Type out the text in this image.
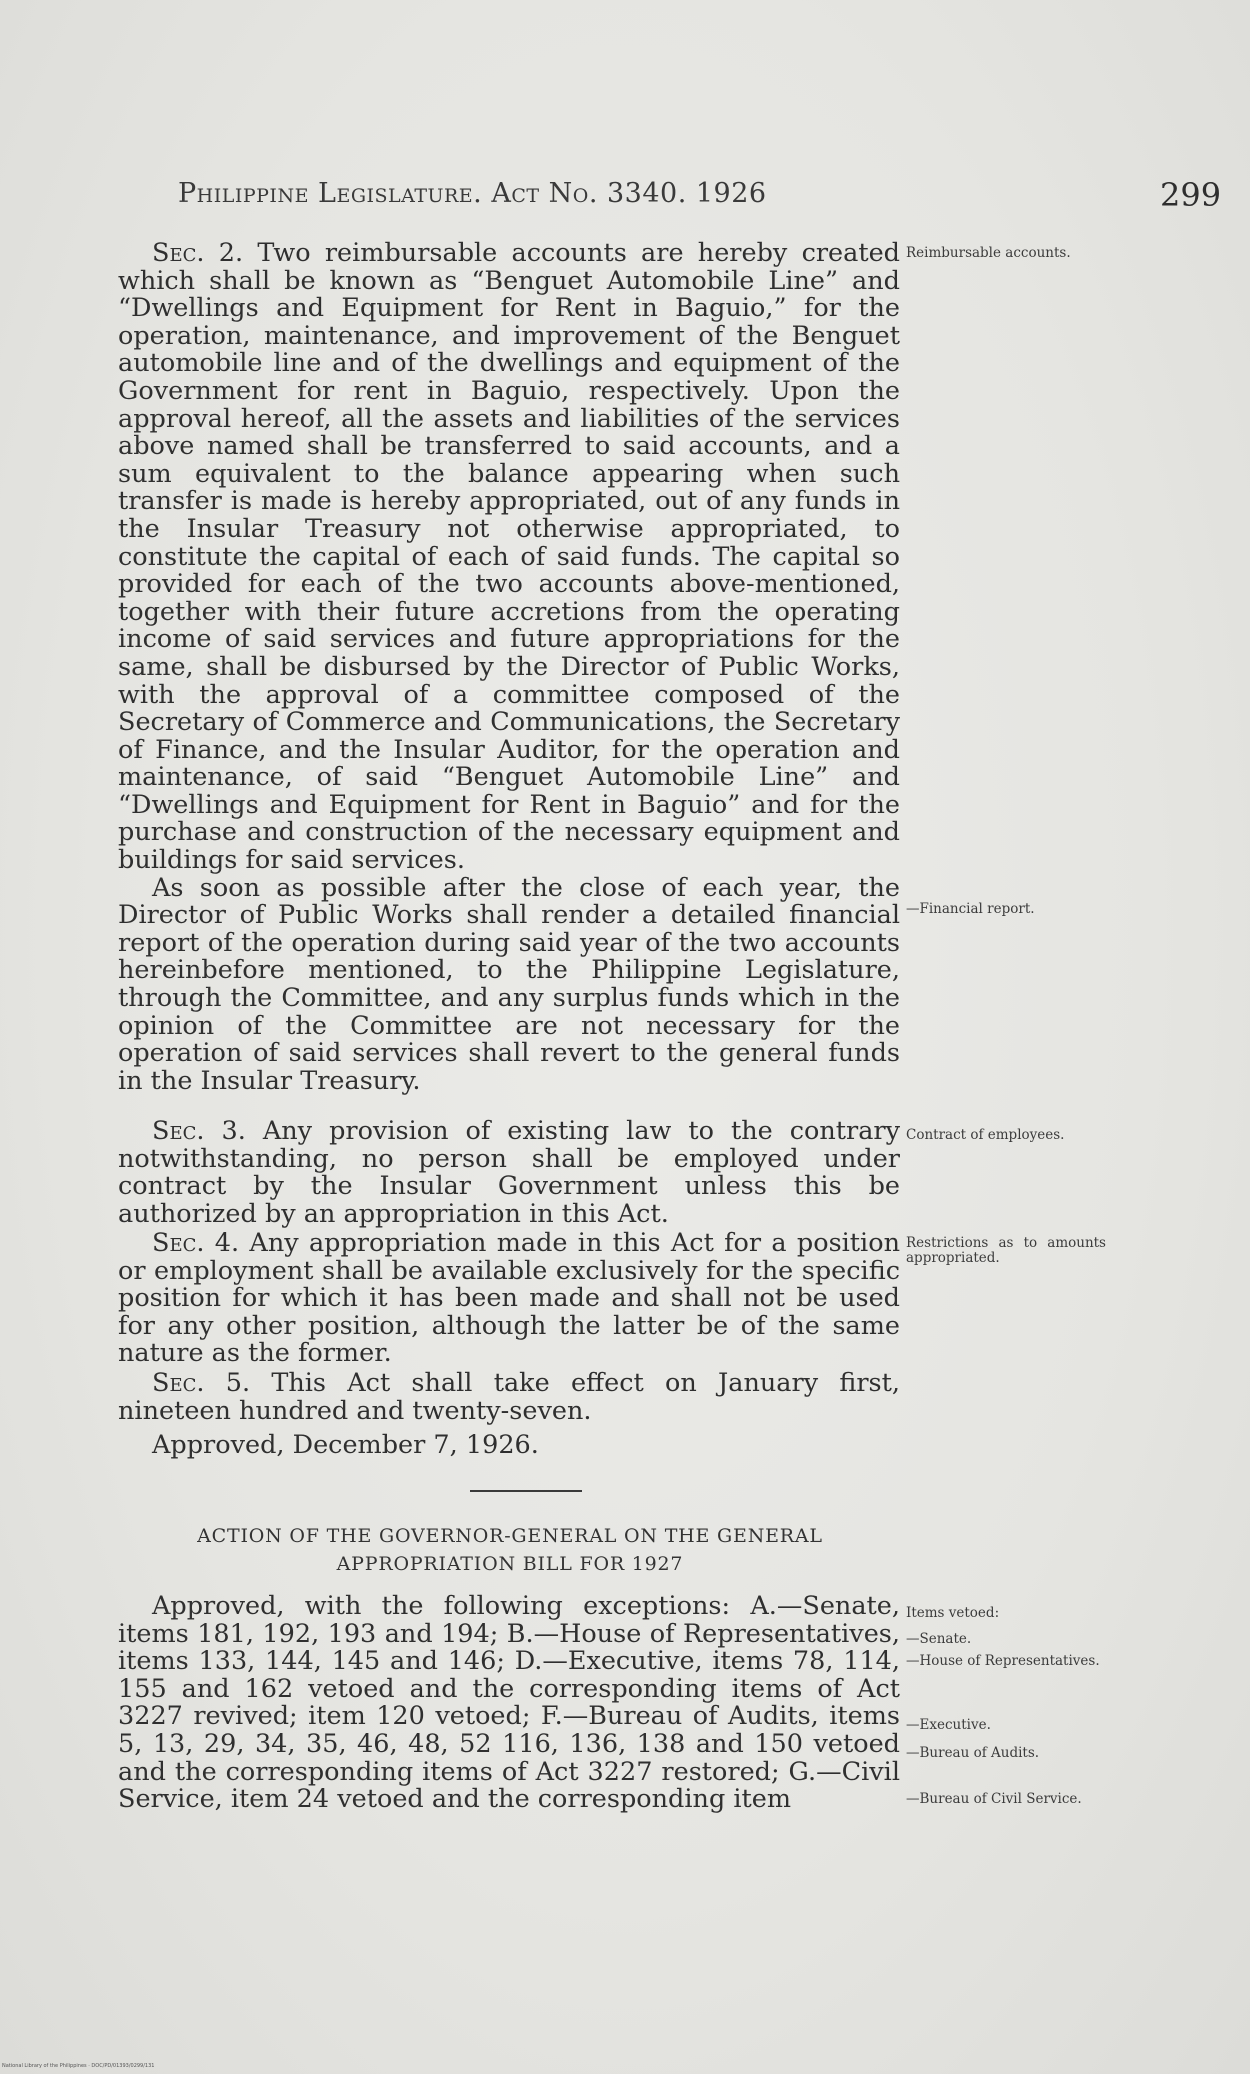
Philippine Legislature. Act No. 3340. 1926	299

Sec. 2. Two reimbursable accounts are hereby created which shall be known as “Benguet Automobile Line” and “Dwellings and Equipment for Rent in Baguio,” for the operation, maintenance, and improvement of the Benguet automobile line and of the dwellings and equipment of the Government for rent in Baguio, respectively. Upon the approval hereof, all the assets and liabilities of the services above named shall be transferred to said accounts, and a sum equivalent to the balance appearing when such transfer is made is hereby appropriated, out of any funds in the Insular Treasury not otherwise appropriated, to constitute the capital of each of said funds. The capital so provided for each of the two accounts above-mentioned, together with their future accretions from the operating income of said services and future appropriations for the same, shall be disbursed by the Director of Public Works, with the approval of a committee composed of the Secretary of Commerce and Communications, the Secretary of Finance, and the Insular Auditor, for the operation and maintenance, of said “Benguet Automobile Line” and “Dwellings and Equipment for Rent in Baguio” and for the purchase and construction of the necessary equipment and buildings for said services.

As soon as possible after the close of each year, the Director of Public Works shall render a detailed financial report of the operation during said year of the two accounts hereinbefore mentioned, to the Philippine Legislature, through the Committee, and any surplus funds which in the opinion of the Committee are not necessary for the operation of said services shall revert to the general funds in the Insular Treasury.

Sec. 3. Any provision of existing law to the contrary notwithstanding, no person shall be employed under contract by the Insular Government unless this be authorized by an appropriation in this Act.

Sec. 4. Any appropriation made in this Act for a position or employment shall be available exclusively for the specific position for which it has been made and shall not be used for any other position, although the latter be of the same nature as the former.

Sec. 5. This Act shall take effect on January first, nineteen hundred and twenty-seven.

Approved, December 7, 1926.

ACTION OF THE GOVERNOR-GENERAL ON THE GENERAL
APPROPRIATION BILL FOR 1927

Approved, with the following exceptions: A.—Senate, items 181, 192, 193 and 194; B.—House of Representatives, items 133, 144, 145 and 146; D.—Executive, items 78, 114, 155 and 162 vetoed and the corresponding items of Act 3227 revived; item 120 vetoed; F.—Bureau of Audits, items 5, 13, 29, 34, 35, 46, 48, 52 116, 136, 138 and 150 vetoed and the corresponding items of Act 3227 restored; G.—Civil Service, item 24 vetoed and the corresponding item

Reimbursable accounts.
—Financial report.
Contract of employees.
Restrictions as to amounts appropriated.
Items vetoed:
—Senate.
—House of Representatives.
—Executive.
—Bureau of Audits.
—Bureau of Civil Service.
National Library of the Philippines · DOC/PD/01393/0299/131
